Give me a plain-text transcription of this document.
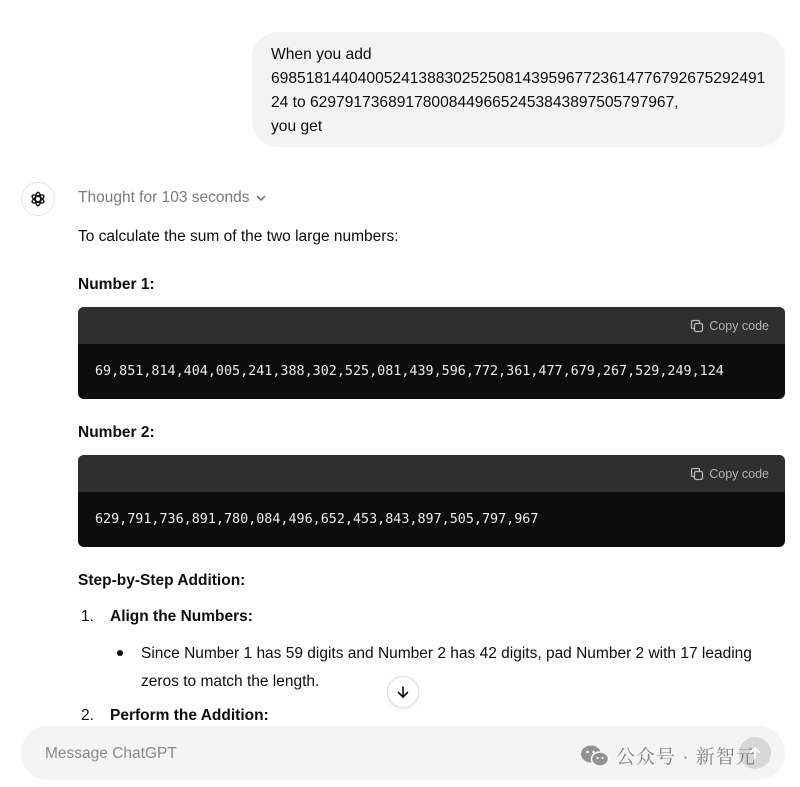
When you add

69851814404005241388302525081439596772361477679267529249124 to 629791736891780084496652453843897505797967,

you get

Thought for 103 seconds
To calculate the sum of the two large numbers:
Number 1:
Copy code
69,851,814,404,005,241,388,302,525,081,439,596,772,361,477,679,267,529,249,124
Number 2:
Copy code
629,791,736,891,780,084,496,652,453,843,897,505,797,967
Step-by-Step Addition:
1. Align the Numbers:
Since Number 1 has 59 digits and Number 2 has 42 digits, pad Number 2 with 17 leading zeros to match the length.
2. Perform the Addition:
Message ChatGPT
公众号 · 新智元
